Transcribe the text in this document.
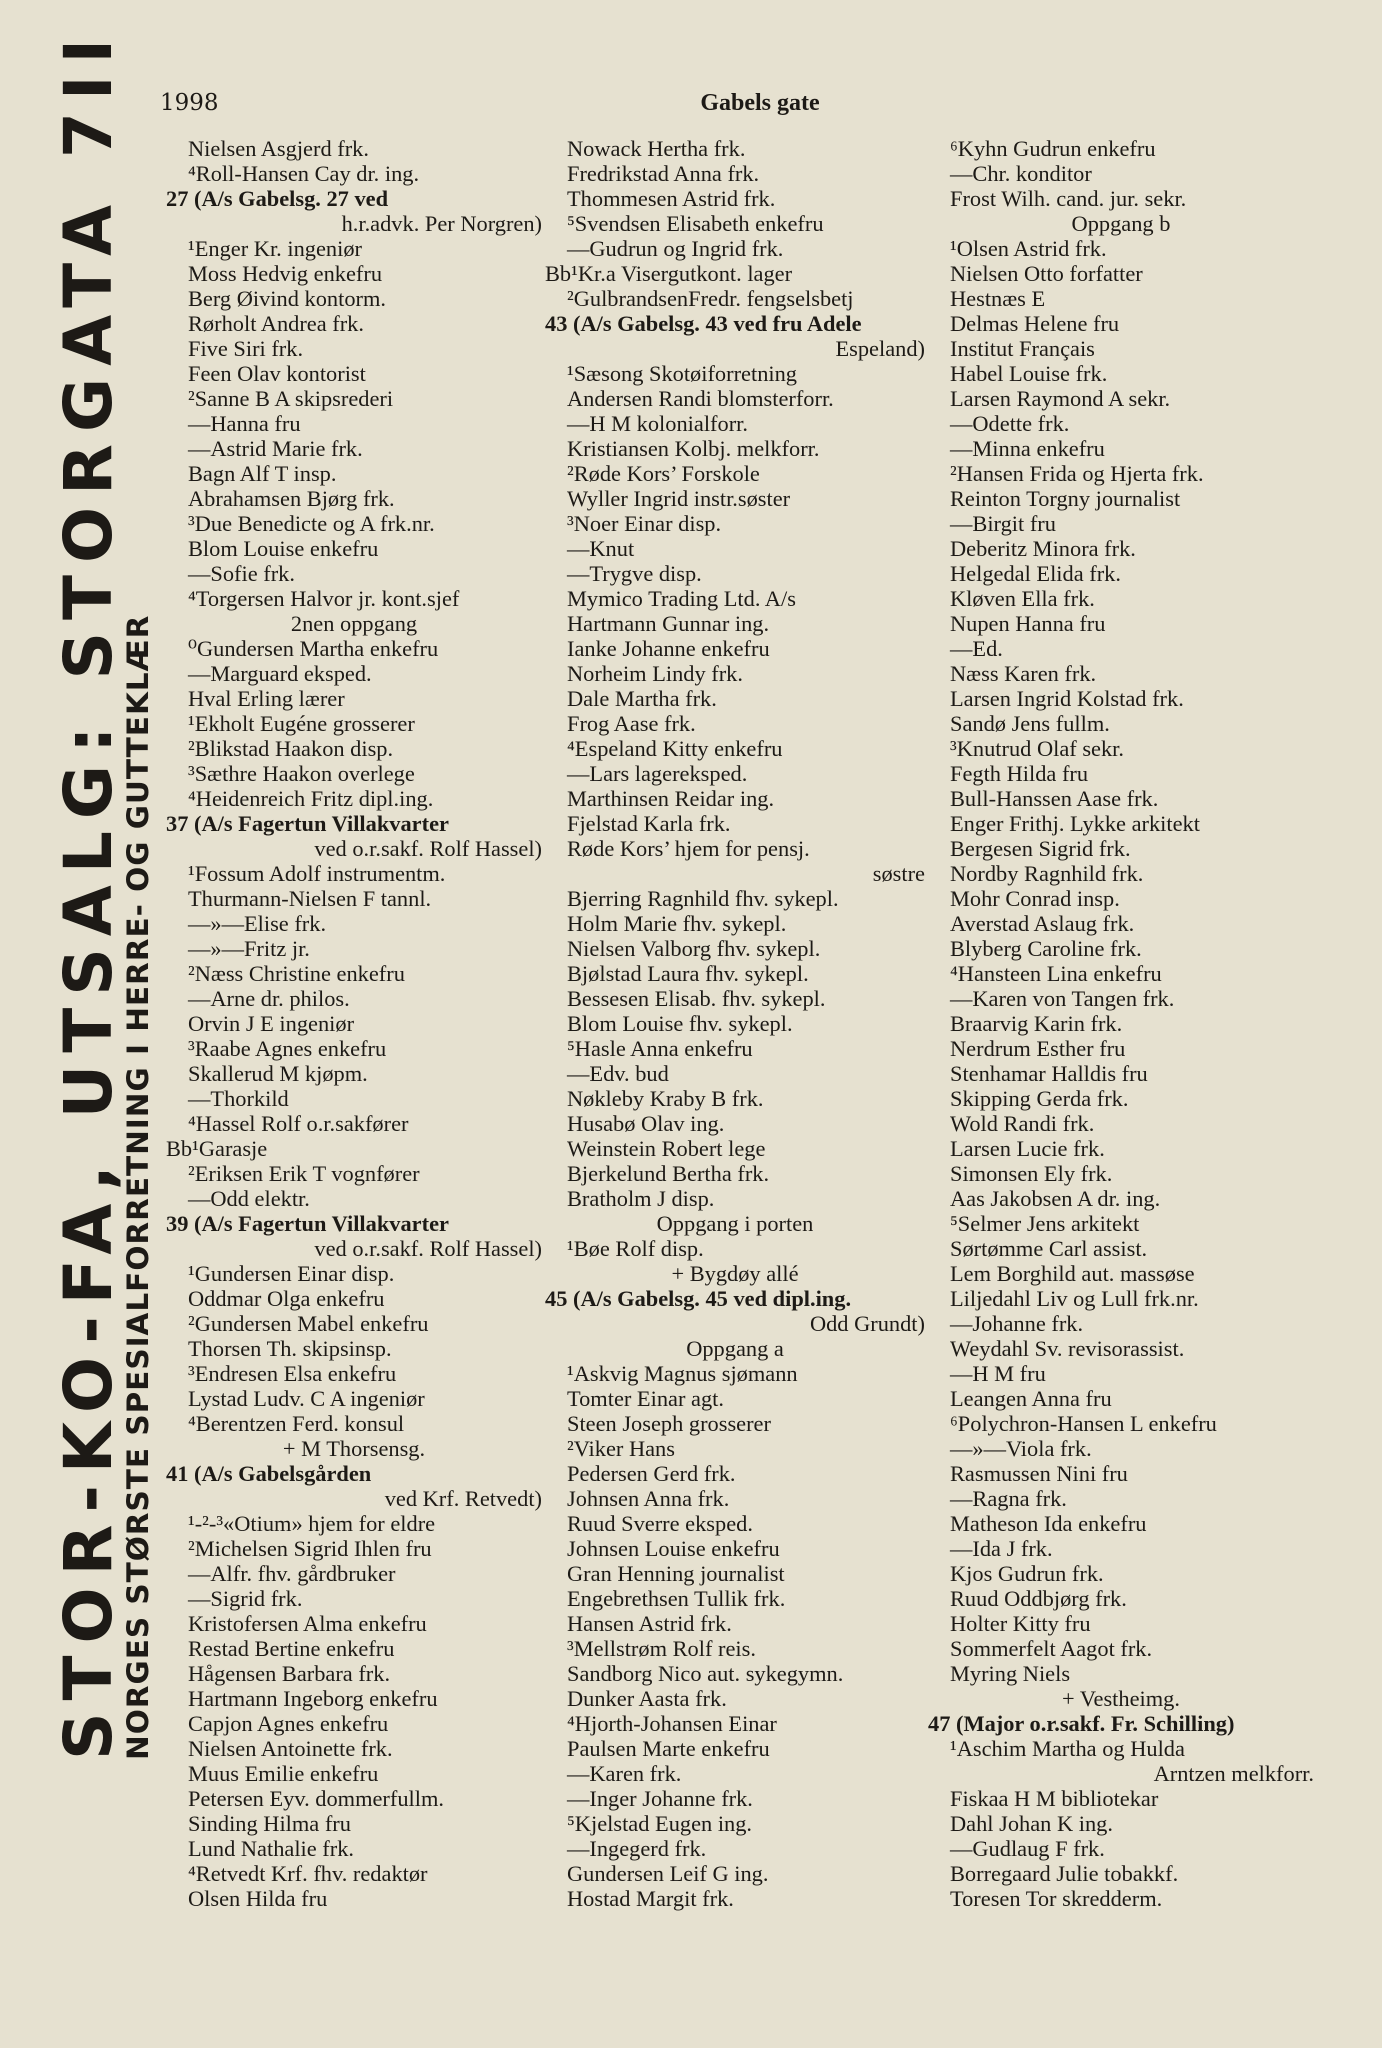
1998	Gabels gate
STOR-KO-FA, UTSALG: STORGATA 7II
NORGES STØRSTE SPESIALFORRETNING I HERRE- OG GUTTEKLÆR
Nielsen Asgjerd frk.
⁴Roll-Hansen Cay dr. ing.
27 (A/s Gabelsg. 27 ved
h.r.advk. Per Norgren)
¹Enger Kr. ingeniør
Moss Hedvig enkefru
Berg Øivind kontorm.
Rørholt Andrea frk.
Five Siri frk.
Feen Olav kontorist
²Sanne B A skipsrederi
—Hanna fru
—Astrid Marie frk.
Bagn Alf T insp.
Abrahamsen Bjørg frk.
³Due Benedicte og A frk.nr.
Blom Louise enkefru
—Sofie frk.
⁴Torgersen Halvor jr. kont.sjef
2nen oppgang
⁰Gundersen Martha enkefru
—Marguard eksped.
Hval Erling lærer
¹Ekholt Eugéne grosserer
²Blikstad Haakon disp.
³Sæthre Haakon overlege
⁴Heidenreich Fritz dipl.ing.
37 (A/s Fagertun Villakvarter
ved o.r.sakf. Rolf Hassel)
¹Fossum Adolf instrumentm.
Thurmann-Nielsen F tannl.
—»—Elise frk.
—»—Fritz jr.
²Næss Christine enkefru
—Arne dr. philos.
Orvin J E ingeniør
³Raabe Agnes enkefru
Skallerud M kjøpm.
—Thorkild
⁴Hassel Rolf o.r.sakfører
Bb¹Garasje
²Eriksen Erik T vognfører
—Odd elektr.
39 (A/s Fagertun Villakvarter
ved o.r.sakf. Rolf Hassel)
¹Gundersen Einar disp.
Oddmar Olga enkefru
²Gundersen Mabel enkefru
Thorsen Th. skipsinsp.
³Endresen Elsa enkefru
Lystad Ludv. C A ingeniør
⁴Berentzen Ferd. konsul
+ M Thorsensg.
41 (A/s Gabelsgården
ved Krf. Retvedt)
¹‑²‑³«Otium» hjem for eldre
²Michelsen Sigrid Ihlen fru
—Alfr. fhv. gårdbruker
—Sigrid frk.
Kristofersen Alma enkefru
Restad Bertine enkefru
Hågensen Barbara frk.
Hartmann Ingeborg enkefru
Capjon Agnes enkefru
Nielsen Antoinette frk.
Muus Emilie enkefru
Petersen Eyv. dommerfullm.
Sinding Hilma fru
Lund Nathalie frk.
⁴Retvedt Krf. fhv. redaktør
Olsen Hilda fru
Nowack Hertha frk.
Fredrikstad Anna frk.
Thommesen Astrid frk.
⁵Svendsen Elisabeth enkefru
—Gudrun og Ingrid frk.
Bb¹Kr.a Visergutkont. lager
²GulbrandsenFredr. fengselsbetj
43 (A/s Gabelsg. 43 ved fru Adele
Espeland)
¹Sæsong Skotøiforretning
Andersen Randi blomsterforr.
—H M kolonialforr.
Kristiansen Kolbj. melkforr.
²Røde Kors’ Forskole
Wyller Ingrid instr.søster
³Noer Einar disp.
—Knut
—Trygve disp.
Mymico Trading Ltd. A/s
Hartmann Gunnar ing.
Ianke Johanne enkefru
Norheim Lindy frk.
Dale Martha frk.
Frog Aase frk.
⁴Espeland Kitty enkefru
—Lars lagereksped.
Marthinsen Reidar ing.
Fjelstad Karla frk.
Røde Kors’ hjem for pensj.
søstre
Bjerring Ragnhild fhv. sykepl.
Holm Marie fhv. sykepl.
Nielsen Valborg fhv. sykepl.
Bjølstad Laura fhv. sykepl.
Bessesen Elisab. fhv. sykepl.
Blom Louise fhv. sykepl.
⁵Hasle Anna enkefru
—Edv. bud
Nøkleby Kraby B frk.
Husabø Olav ing.
Weinstein Robert lege
Bjerkelund Bertha frk.
Bratholm J disp.
Oppgang i porten
¹Bøe Rolf disp.
+ Bygdøy allé
45 (A/s Gabelsg. 45 ved dipl.ing.
Odd Grundt)
Oppgang a
¹Askvig Magnus sjømann
Tomter Einar agt.
Steen Joseph grosserer
²Viker Hans
Pedersen Gerd frk.
Johnsen Anna frk.
Ruud Sverre eksped.
Johnsen Louise enkefru
Gran Henning journalist
Engebrethsen Tullik frk.
Hansen Astrid frk.
³Mellstrøm Rolf reis.
Sandborg Nico aut. sykegymn.
Dunker Aasta frk.
⁴Hjorth-Johansen Einar
Paulsen Marte enkefru
—Karen frk.
—Inger Johanne frk.
⁵Kjelstad Eugen ing.
—Ingegerd frk.
Gundersen Leif G ing.
Hostad Margit frk.
⁶Kyhn Gudrun enkefru
—Chr. konditor
Frost Wilh. cand. jur. sekr.
Oppgang b
¹Olsen Astrid frk.
Nielsen Otto forfatter
Hestnæs E
Delmas Helene fru
Institut Français
Habel Louise frk.
Larsen Raymond A sekr.
—Odette frk.
—Minna enkefru
²Hansen Frida og Hjerta frk.
Reinton Torgny journalist
—Birgit fru
Deberitz Minora frk.
Helgedal Elida frk.
Kløven Ella frk.
Nupen Hanna fru
—Ed.
Næss Karen frk.
Larsen Ingrid Kolstad frk.
Sandø Jens fullm.
³Knutrud Olaf sekr.
Fegth Hilda fru
Bull-Hanssen Aase frk.
Enger Frithj. Lykke arkitekt
Bergesen Sigrid frk.
Nordby Ragnhild frk.
Mohr Conrad insp.
Averstad Aslaug frk.
Blyberg Caroline frk.
⁴Hansteen Lina enkefru
—Karen von Tangen frk.
Braarvig Karin frk.
Nerdrum Esther fru
Stenhamar Halldis fru
Skipping Gerda frk.
Wold Randi frk.
Larsen Lucie frk.
Simonsen Ely frk.
Aas Jakobsen A dr. ing.
⁵Selmer Jens arkitekt
Sørtømme Carl assist.
Lem Borghild aut. massøse
Liljedahl Liv og Lull frk.nr.
—Johanne frk.
Weydahl Sv. revisorassist.
—H M fru
Leangen Anna fru
⁶Polychron-Hansen L enkefru
—»—Viola frk.
Rasmussen Nini fru
—Ragna frk.
Matheson Ida enkefru
—Ida J frk.
Kjos Gudrun frk.
Ruud Oddbjørg frk.
Holter Kitty fru
Sommerfelt Aagot frk.
Myring Niels
+ Vestheimg.
47 (Major o.r.sakf. Fr. Schilling)
¹Aschim Martha og Hulda
Arntzen melkforr.
Fiskaa H M bibliotekar
Dahl Johan K ing.
—Gudlaug F frk.
Borregaard Julie tobakkf.
Toresen Tor skredderm.
